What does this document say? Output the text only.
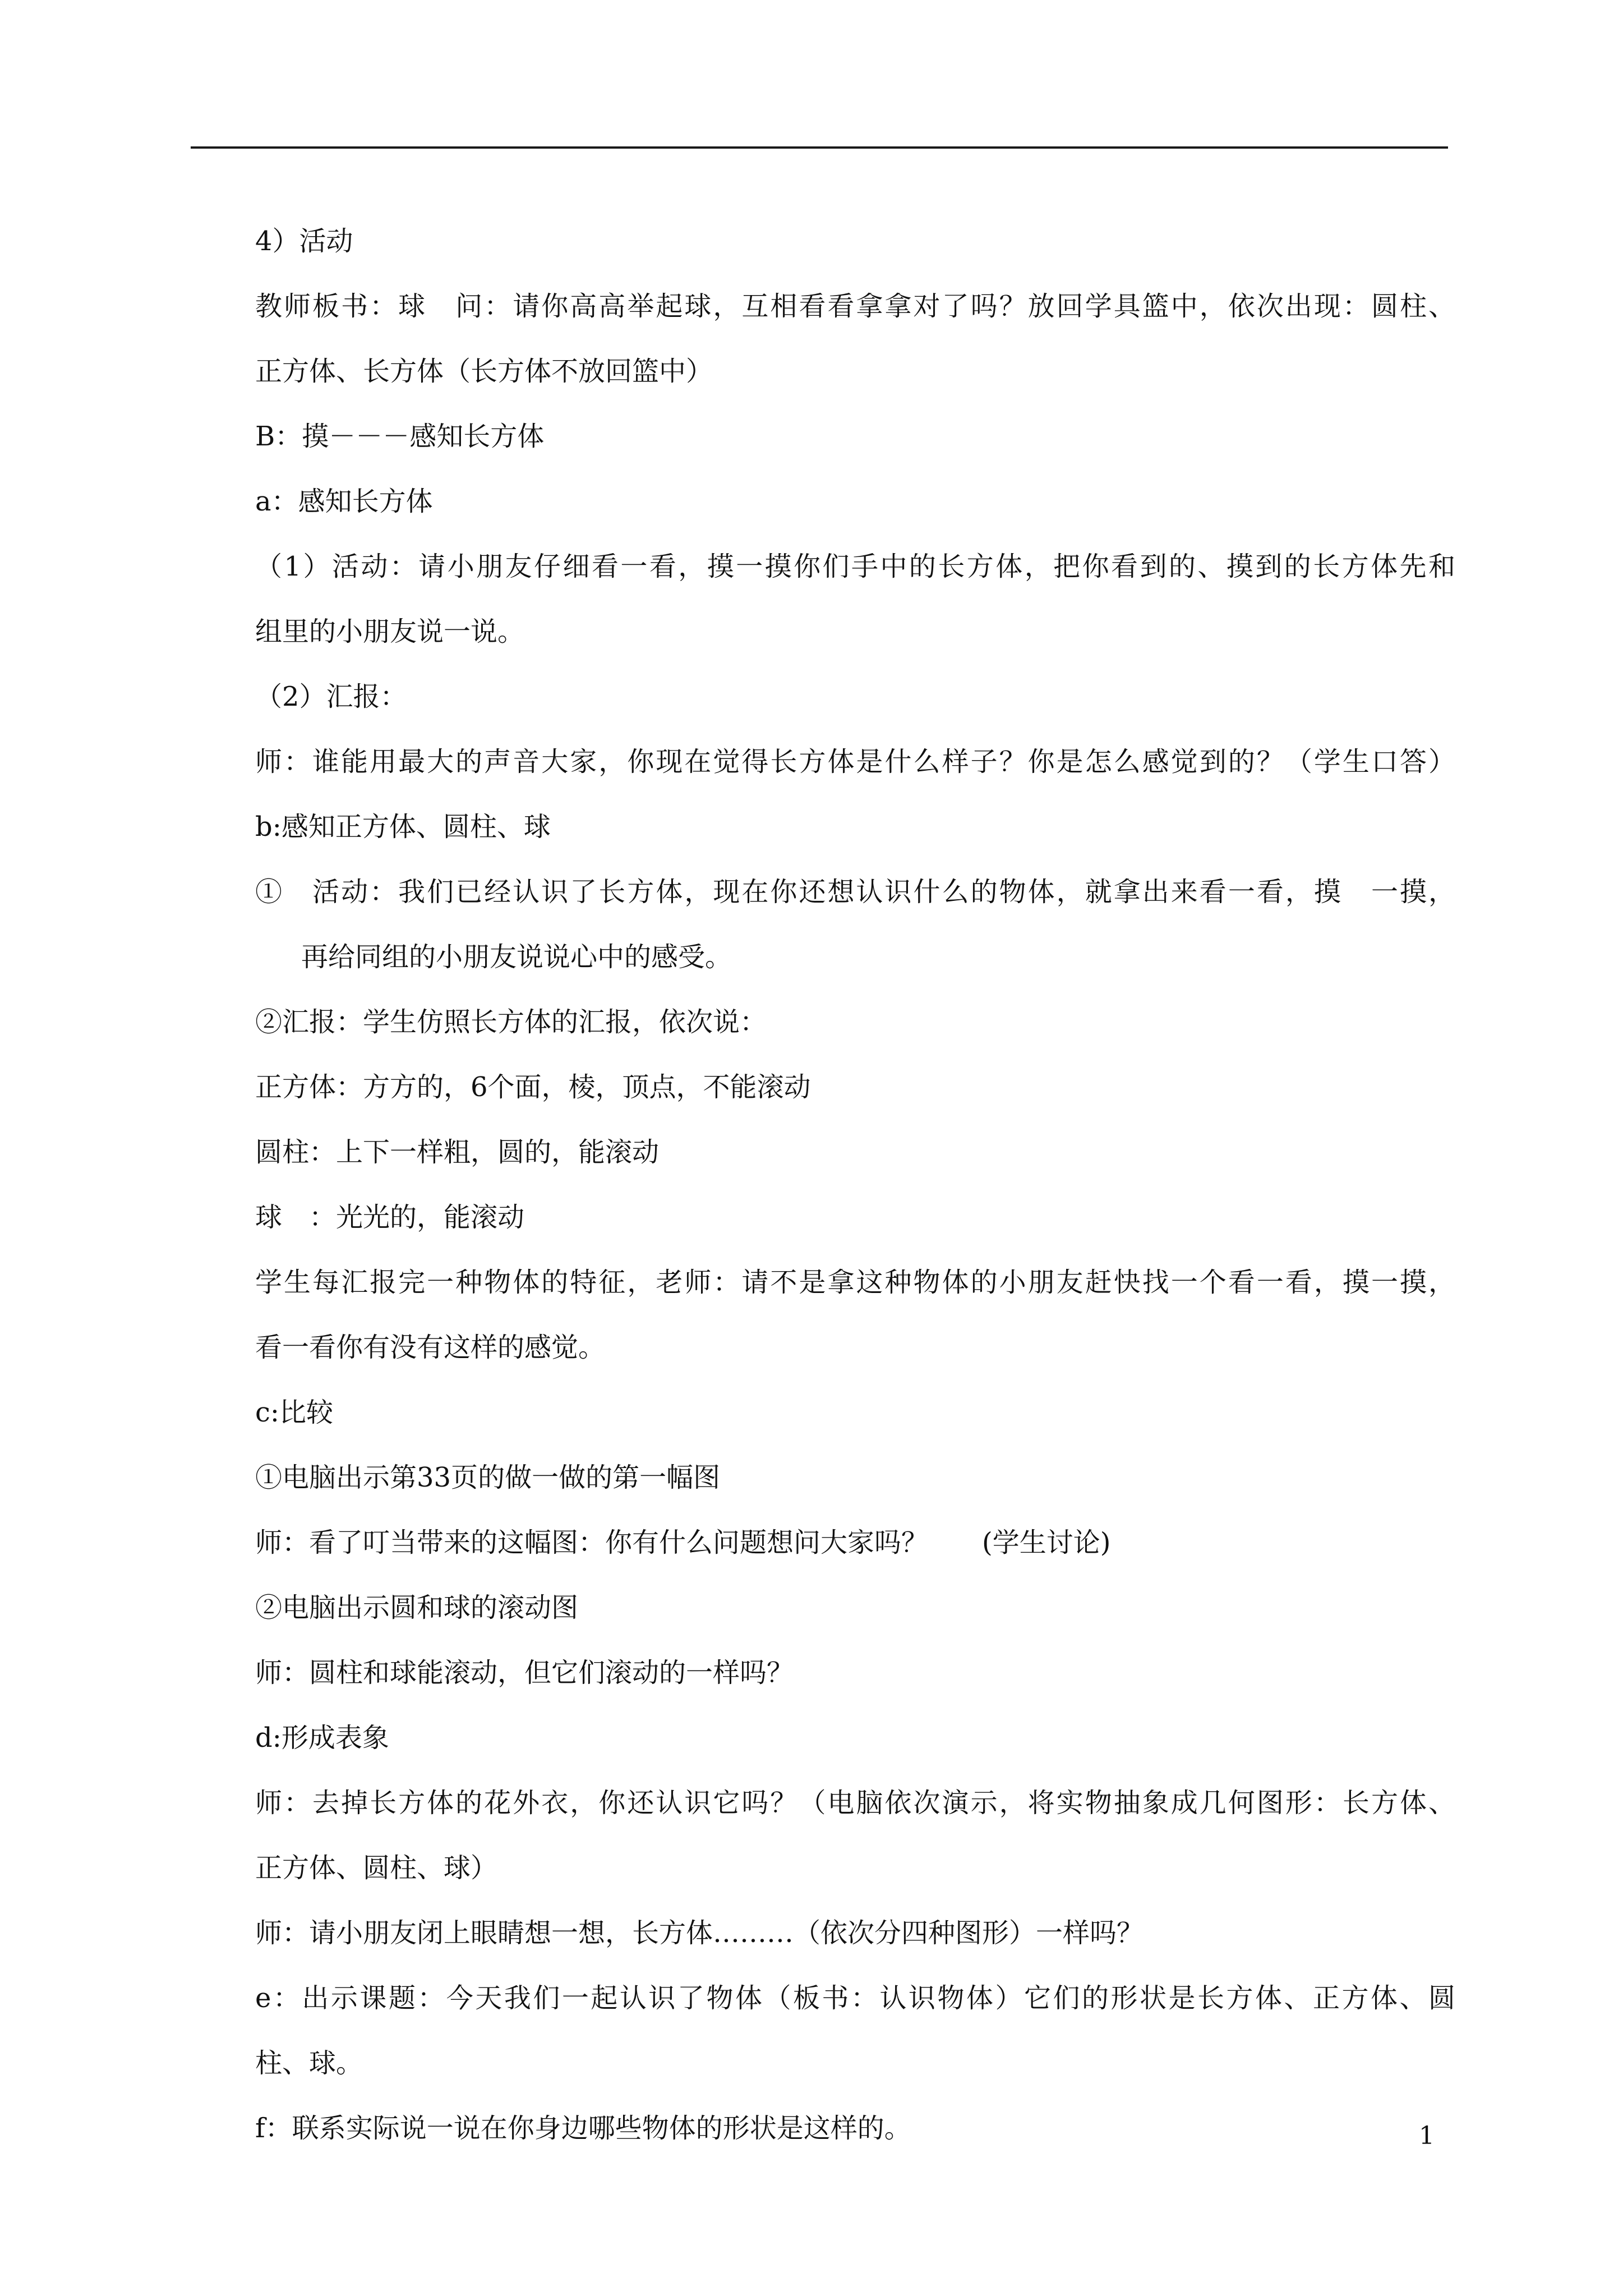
4）活动
教师板书：球　问：请你高高举起球，互相看看拿拿对了吗？放回学具篮中，依次出现：圆柱、
正方体、长方体（长方体不放回篮中）
B：摸－－－感知长方体
a：感知长方体
（1）活动：请小朋友仔细看一看，摸一摸你们手中的长方体，把你看到的、摸到的长方体先和
组里的小朋友说一说。
（2）汇报：
师：谁能用最大的声音大家，你现在觉得长方体是什么样子？你是怎么感觉到的？（学生口答）
b:感知正方体、圆柱、球
①　活动：我们已经认识了长方体，现在你还想认识什么的物体，就拿出来看一看，摸　一摸，
再给同组的小朋友说说心中的感受。
②汇报：学生仿照长方体的汇报，依次说：
正方体：方方的，6个面，棱，顶点，不能滚动
圆柱：上下一样粗，圆的，能滚动
球　：光光的，能滚动
学生每汇报完一种物体的特征，老师：请不是拿这种物体的小朋友赶快找一个看一看，摸一摸，
看一看你有没有这样的感觉。
c:比较
①电脑出示第33页的做一做的第一幅图
师：看了叮当带来的这幅图：你有什么问题想问大家吗？　　(学生讨论)
②电脑出示圆和球的滚动图
师：圆柱和球能滚动，但它们滚动的一样吗？
d:形成表象
师：去掉长方体的花外衣，你还认识它吗？（电脑依次演示，将实物抽象成几何图形：长方体、
正方体、圆柱、球）
师：请小朋友闭上眼睛想一想，长方体………（依次分四种图形）一样吗？
e：出示课题：今天我们一起认识了物体（板书：认识物体）它们的形状是长方体、正方体、圆
柱、球。
f：联系实际说一说在你身边哪些物体的形状是这样的。	1
